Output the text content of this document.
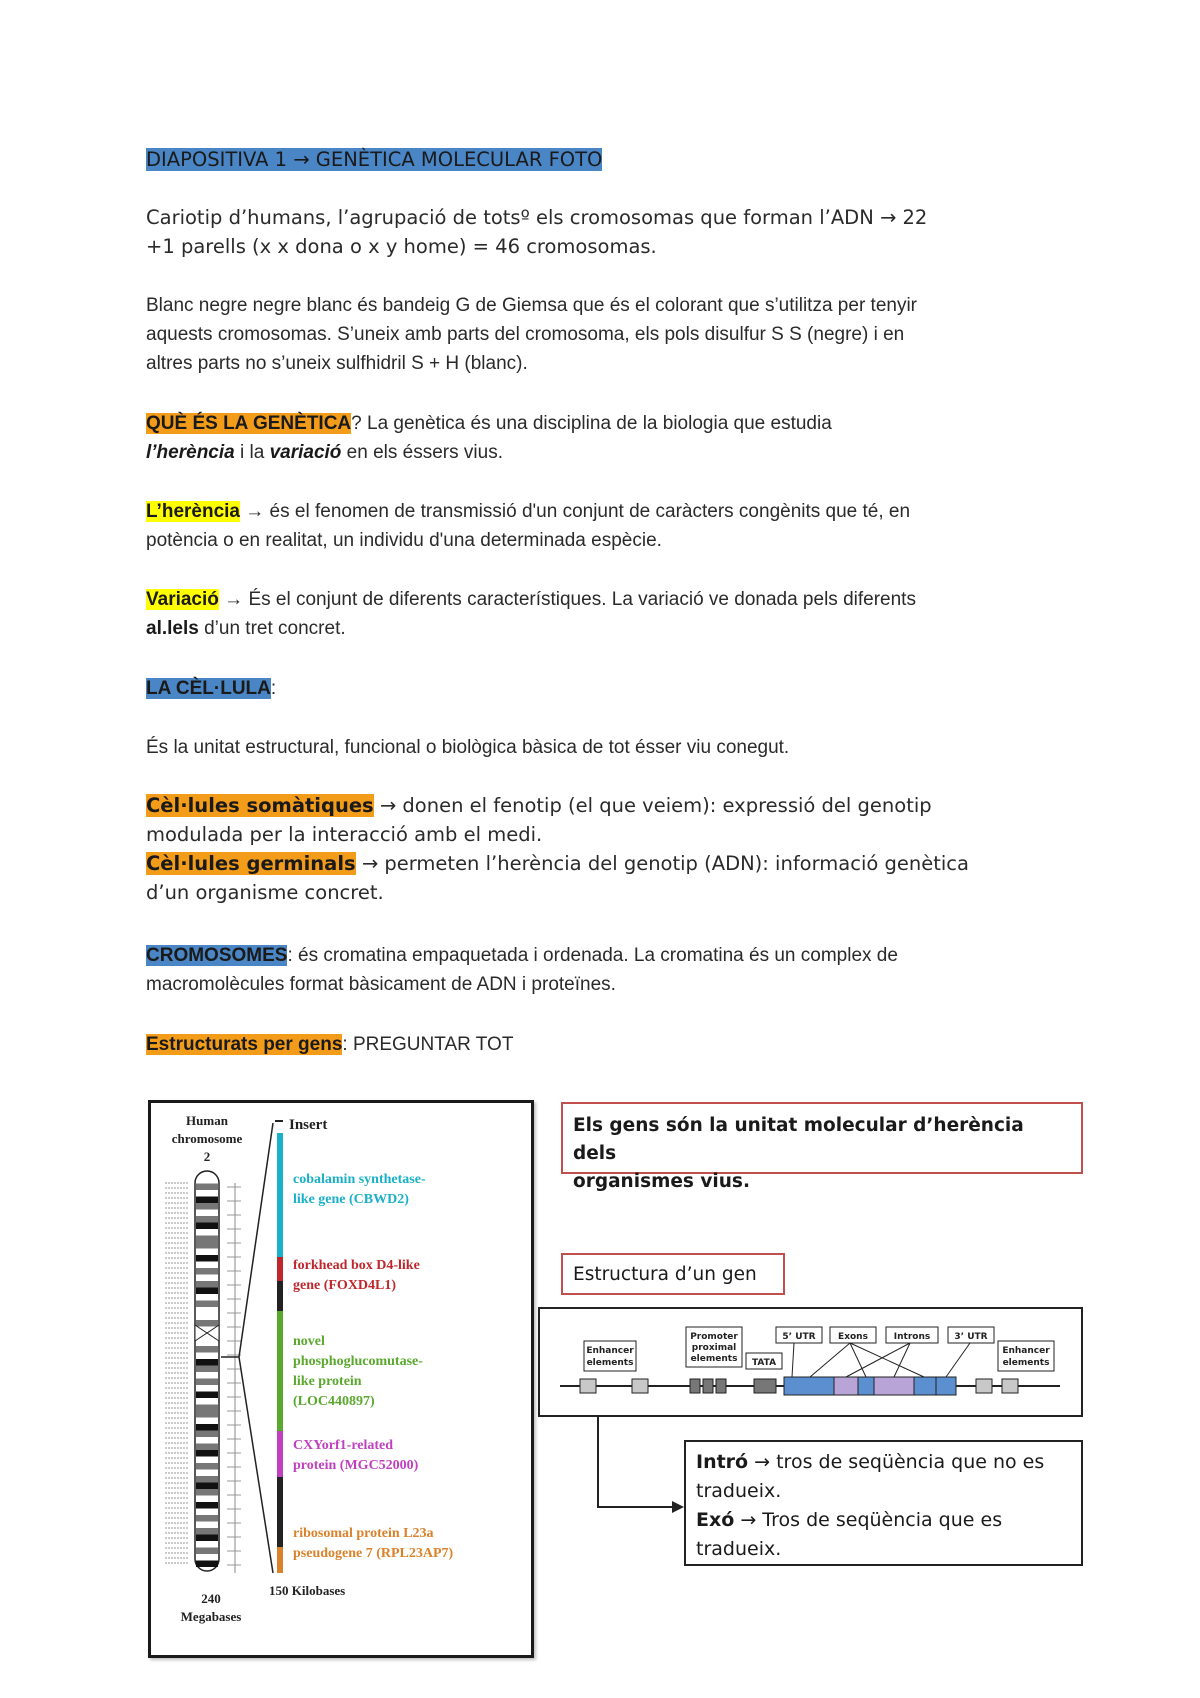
DIAPOSITIVA 1 → GENÈTICA MOLECULAR FOTO
Cariotip d’humans, l’agrupació de totsº els cromosomas que forman l’ADN → 22
+1 parells (x x dona o x y home) = 46 cromosomas.
Blanc negre negre blanc és bandeig G de Giemsa que és el colorant que s’utilitza per tenyir
aquests cromosomas. S’uneix amb parts del cromosoma, els pols disulfur S S (negre) i en
altres parts no s’uneix sulfhidril S + H (blanc).
QUÈ ÉS LA GENÈTICA? La genètica és una disciplina de la biologia que estudia
l’herència i la variació en els éssers vius.
L’herència → és el fenomen de transmissió d'un conjunt de caràcters congènits que té, en
potència o en realitat, un individu d'una determinada espècie.
Variació → És el conjunt de diferents característiques. La variació ve donada pels diferents
al.lels d’un tret concret.
LA CÈL·LULA:
És la unitat estructural, funcional o biològica bàsica de tot ésser viu conegut.
Cèl·lules somàtiques → donen el fenotip (el que veiem): expressió del genotip
modulada per la interacció amb el medi.
Cèl·lules germinals → permeten l’herència del genotip (ADN): informació genètica
d’un organisme concret.
CROMOSOMES: és cromatina empaquetada i ordenada. La cromatina és un complex de
macromolècules format bàsicament de ADN i proteïnes.
Estructurats per gens: PREGUNTAR TOT
Human
chromosome
2
Insert
cobalamin synthetase-
like gene (CBWD2)
forkhead box D4-like
gene (FOXD4L1)
novel
phosphoglucomutase-
like protein
(LOC440897)
CXYorf1-related
protein (MGC52000)
ribosomal protein L23a
pseudogene 7 (RPL23AP7)
240
Megabases
150 Kilobases
Els gens són la unitat molecular d’herència dels
organismes vius.
Estructura d’un gen
Enhancer
elements
Promoter
proximal
elements TATA
5’ UTR Exons	Introns	3’ UTR
Enhancer
elements
Intró → tros de seqüència que no es
tradueix.
Exó → Tros de seqüència que es
tradueix.
